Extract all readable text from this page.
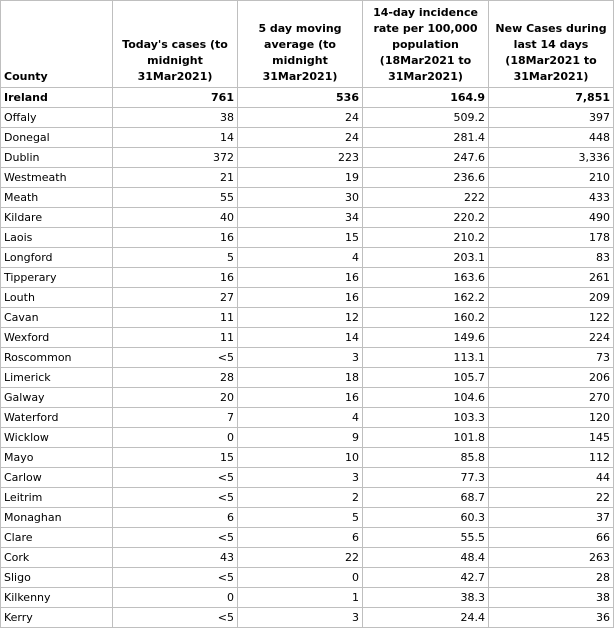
County	Today's cases (to midnight 31Mar2021)	5 day moving average (to midnight 31Mar2021)	14-day incidence rate per 100,000 population (18Mar2021 to 31Mar2021)	New Cases during last 14 days (18Mar2021 to 31Mar2021)
Ireland	761	536	164.9	7,851
Offaly	38	24	509.2	397
Donegal	14	24	281.4	448
Dublin	372	223	247.6	3,336
Westmeath	21	19	236.6	210
Meath	55	30	222	433
Kildare	40	34	220.2	490
Laois	16	15	210.2	178
Longford	5	4	203.1	83
Tipperary	16	16	163.6	261
Louth	27	16	162.2	209
Cavan	11	12	160.2	122
Wexford	11	14	149.6	224
Roscommon	<5	3	113.1	73
Limerick	28	18	105.7	206
Galway	20	16	104.6	270
Waterford	7	4	103.3	120
Wicklow	0	9	101.8	145
Mayo	15	10	85.8	112
Carlow	<5	3	77.3	44
Leitrim	<5	2	68.7	22
Monaghan	6	5	60.3	37
Clare	<5	6	55.5	66
Cork	43	22	48.4	263
Sligo	<5	0	42.7	28
Kilkenny	0	1	38.3	38
Kerry	<5	3	24.4	36
